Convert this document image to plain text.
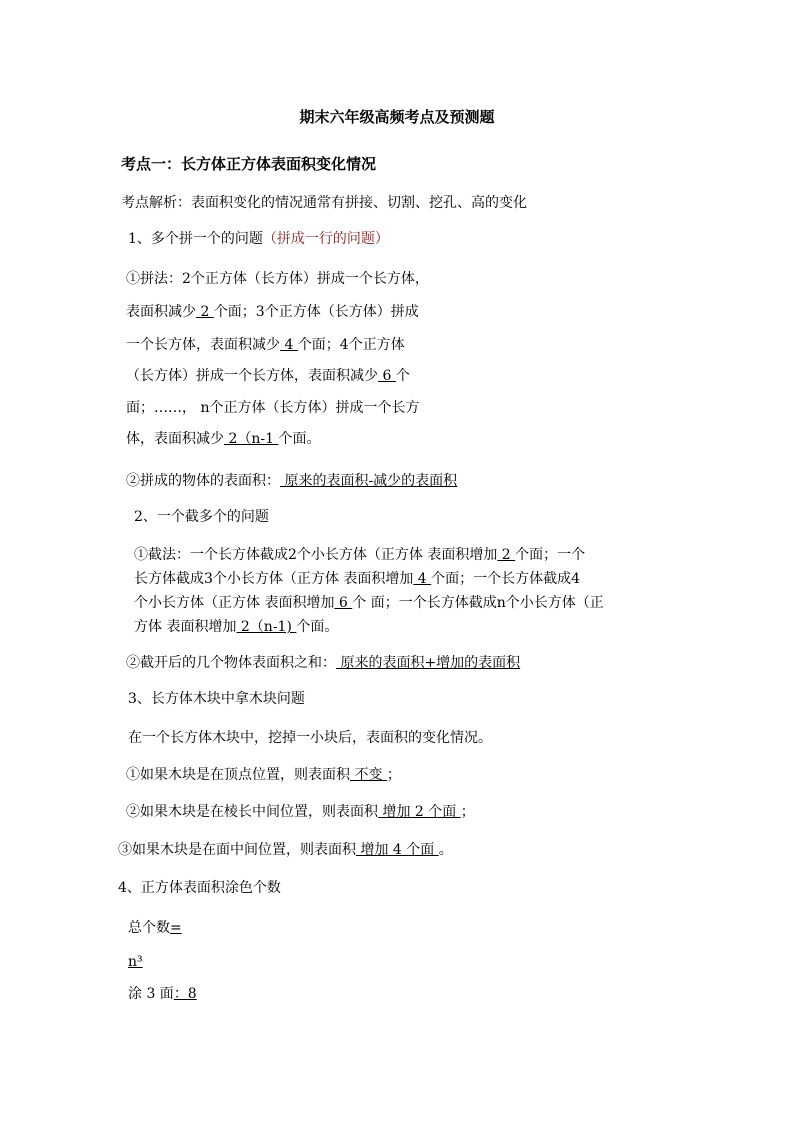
期末六年级高频考点及预测题
考点一：长方体正方体表面积变化情况
考点解析：表面积变化的情况通常有拼接、切割、挖孔、高的变化
1、多个拼一个的问题（拼成一行的问题）
①拼法：2个正方体（长方体）拼成一个长方体，
表面积减少 2 个面；3个正方体（长方体）拼成
一个长方体，表面积减少 4 个面；4个正方体
（长方体）拼成一个长方体，表面积减少 6 个
面；……， n个正方体（长方体）拼成一个长方
体，表面积减少 2（n-1 个面。
②拼成的物体的表面积： 原来的表面积-减少的表面积
2、一个截多个的问题
①截法：一个长方体截成2个小长方体（正方体 表面积增加 2 个面；一个
长方体截成3个小长方体（正方体 表面积增加 4 个面；一个长方体截成4
个小长方体（正方体 表面积增加 6 个 面；一个长方体截成n个小长方体（正
方体 表面积增加 2（n-1) 个面。
②截开后的几个物体表面积之和： 原来的表面积+增加的表面积
3、长方体木块中拿木块问题
在一个长方体木块中，挖掉一小块后，表面积的变化情况。
①如果木块是在顶点位置，则表面积 不变 ；
②如果木块是在棱长中间位置，则表面积 增加 2 个面 ；
③如果木块是在面中间位置，则表面积 增加 4 个面 。
4、正方体表面积涂色个数
总个数=
n³
涂 3 面：8
